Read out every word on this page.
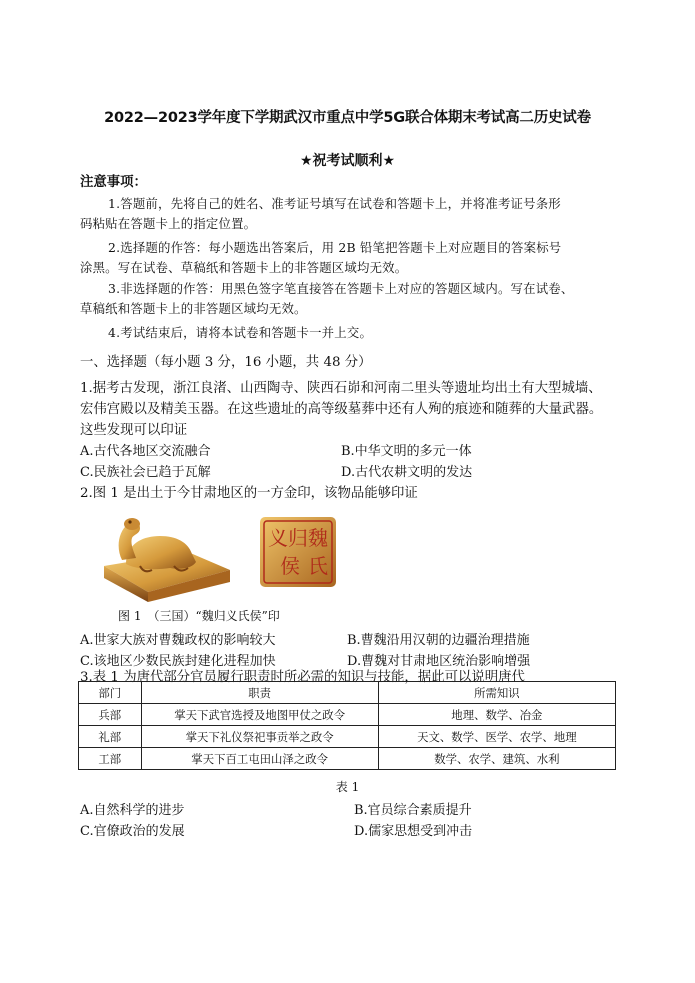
2022—2023学年度下学期武汉市重点中学5G联合体期末考试高二历史试卷
★祝考试顺利★
注意事项：
1.答题前，先将自己的姓名、准考证号填写在试卷和答题卡上，并将准考证号条形
码粘贴在答题卡上的指定位置。
2.选择题的作答：每小题选出答案后，用 2B 铅笔把答题卡上对应题目的答案标号
涂黑。写在试卷、草稿纸和答题卡上的非答题区域均无效。
3.非选择题的作答：用黑色签字笔直接答在答题卡上对应的答题区域内。写在试卷、
草稿纸和答题卡上的非答题区域均无效。
4.考试结束后，请将本试卷和答题卡一并上交。
一、选择题（每小题 3 分，16 小题，共 48 分）
1.据考古发现，浙江良渚、山西陶寺、陕西石峁和河南二里头等遗址均出土有大型城墙、
宏伟宫殿以及精美玉器。在这些遗址的高等级墓葬中还有人殉的痕迹和随葬的大量武器。
这些发现可以印证
A.古代各地区交流融合	B.中华文明的多元一体
C.民族社会已趋于瓦解	D.古代农耕文明的发达
2.图 1 是出土于今甘肃地区的一方金印，该物品能够印证
魏
归
义
氏
侯
图 1　（三国）“魏归义氏侯”印
A.世家大族对曹魏政权的影响较大	B.曹魏沿用汉朝的边疆治理措施
C.该地区少数民族封建化进程加快	D.曹魏对甘肃地区统治影响增强
3.表 1 为唐代部分官员履行职责时所必需的知识与技能，据此可以说明唐代
部门	职责	所需知识
兵部	掌天下武官选授及地图甲仗之政令	地理、数学、冶金
礼部	掌天下礼仪祭祀事贡举之政令	天文、数学、医学、农学、地理
工部	掌天下百工屯田山泽之政令	数学、农学、建筑、水利
表 1
A.自然科学的进步	B.官员综合素质提升
C.官僚政治的发展	D.儒家思想受到冲击
